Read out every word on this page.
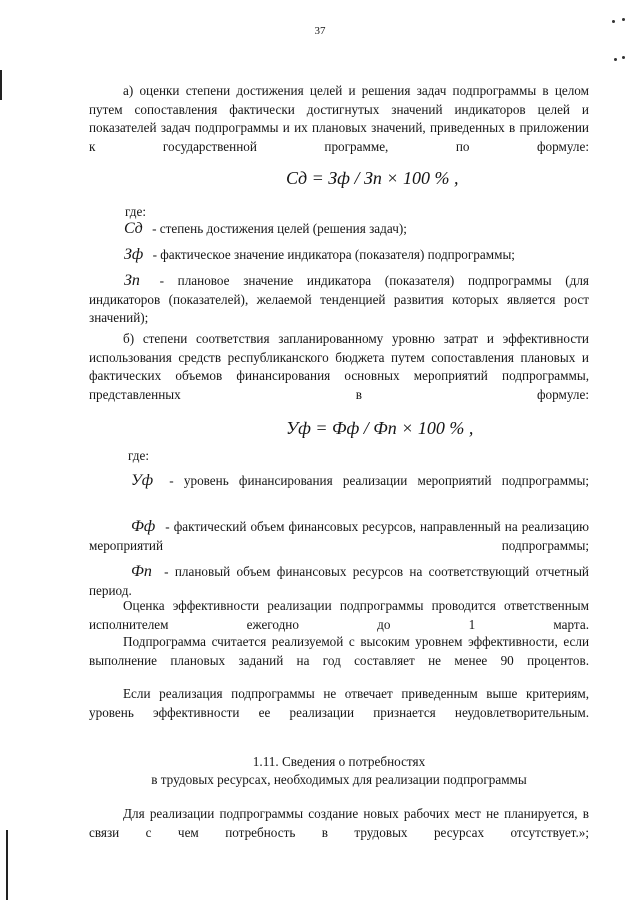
37

а) оценки степени достижения целей и решения задач подпрограммы в целом путем сопоставления фактически достигнутых значений индикаторов целей и показателей задач подпрограммы и их плановых значений, приведенных в приложении к государственной программе, по формуле:

Сд = Зф / Зп × 100 % ,

где:

Сд - степень достижения целей (решения задач);

Зф - фактическое значение индикатора (показателя) подпрограммы;

Зп - плановое значение индикатора (показателя) подпрограммы (для индикаторов (показателей), желаемой тенденцией развития которых является рост значений);

б) степени соответствия запланированному уровню затрат и эффективности использования средств республиканского бюджета путем сопоставления плановых и фактических объемов финансирования основных мероприятий подпрограммы, представленных в формуле:

Уф = Фф / Фп × 100 % ,

где:

Уф - уровень финансирования реализации мероприятий подпрограммы;

Фф - фактический объем финансовых ресурсов, направленный на реализацию мероприятий подпрограммы;

Фп - плановый объем финансовых ресурсов на соответствующий отчетный период.

Оценка эффективности реализации подпрограммы проводится ответственным исполнителем ежегодно до 1 марта.

Подпрограмма считается реализуемой с высоким уровнем эффективности, если выполнение плановых заданий на год составляет не менее 90 процентов.

Если реализация подпрограммы не отвечает приведенным выше критериям, уровень эффективности ее реализации признается неудовлетворительным.

1.11. Сведения о потребностях
в трудовых ресурсах, необходимых для реализации подпрограммы

Для реализации подпрограммы создание новых рабочих мест не планируется, в связи с чем потребность в трудовых ресурсах отсутствует.»;
